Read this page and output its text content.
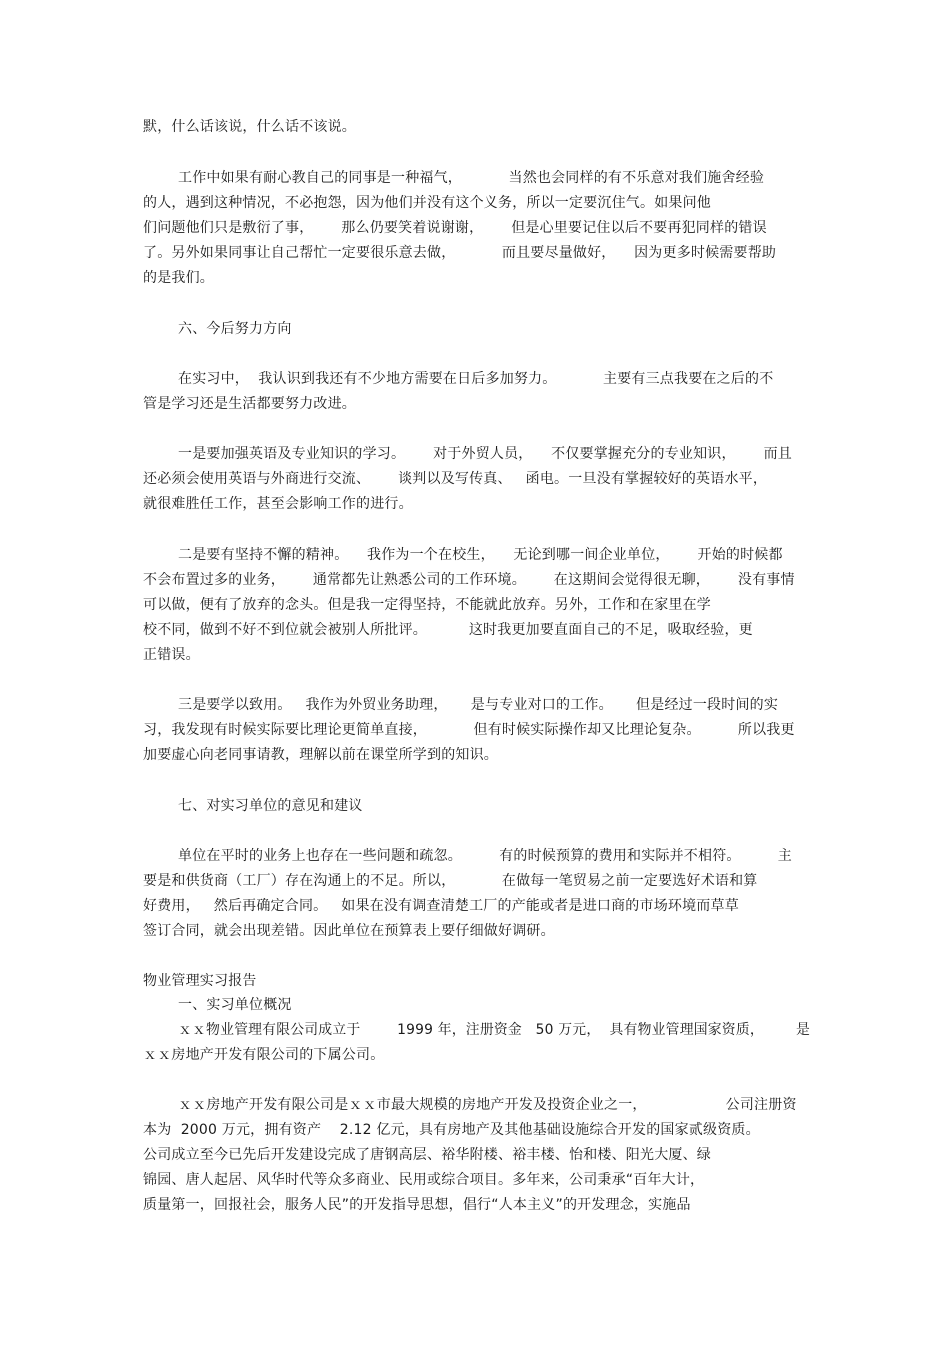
默，什么话该说，什么话不该说。
工作中如果有耐心教自己的同事是一种福气，          当然也会同样的有不乐意对我们施舍经验
的人，遇到这种情况，不必抱怨，因为他们并没有这个义务，所以一定要沉住气。如果问他
们问题他们只是敷衍了事，      那么仍要笑着说谢谢，      但是心里要记住以后不要再犯同样的错误
了。另外如果同事让自己帮忙一定要很乐意去做，          而且要尽量做好，    因为更多时候需要帮助
的是我们。
六、今后努力方向
在实习中，  我认识到我还有不少地方需要在日后多加努力。          主要有三点我要在之后的不
管是学习还是生活都要努力改进。
一是要加强英语及专业知识的学习。      对于外贸人员，    不仅要掌握充分的专业知识，      而且
还必须会使用英语与外商进行交流、      谈判以及写传真、   函电。一旦没有掌握较好的英语水平，
就很难胜任工作，甚至会影响工作的进行。
二是要有坚持不懈的精神。    我作为一个在校生，    无论到哪一间企业单位，      开始的时候都
不会布置过多的业务，      通常都先让熟悉公司的工作环境。      在这期间会觉得很无聊，      没有事情
可以做，便有了放弃的念头。但是我一定得坚持，不能就此放弃。另外，工作和在家里在学
校不同，做到不好不到位就会被别人所批评。         这时我更加要直面自己的不足，吸取经验，更
正错误。
三是要学以致用。   我作为外贸业务助理，     是与专业对口的工作。     但是经过一段时间的实
习，我发现有时候实际要比理论更简单直接，          但有时候实际操作却又比理论复杂。        所以我更
加要虚心向老同事请教，理解以前在课堂所学到的知识。
七、对实习单位的意见和建议
单位在平时的业务上也存在一些问题和疏忽。        有的时候预算的费用和实际并不相符。        主
要是和供货商（工厂）存在沟通上的不足。所以，          在做每一笔贸易之前一定要选好术语和算
好费用，   然后再确定合同。   如果在没有调查清楚工厂的产能或者是进口商的市场环境而草草
签订合同，就会出现差错。因此单位在预算表上要仔细做好调研。
物业管理实习报告
一、实习单位概况
ｘｘ物业管理有限公司成立于        1999 年，注册资金   50 万元，  具有物业管理国家资质，       是
ｘｘ房地产开发有限公司的下属公司。
ｘｘ房地产开发有限公司是ｘｘ市最大规模的房地产开发及投资企业之一，                 公司注册资
本为  2000 万元，拥有资产    2.12 亿元，具有房地产及其他基础设施综合开发的国家贰级资质。
公司成立至今已先后开发建设完成了唐钢高层、裕华附楼、裕丰楼、怡和楼、阳光大厦、绿
锦园、唐人起居、风华时代等众多商业、民用或综合项目。多年来，公司秉承“百年大计，
质量第一，回报社会，服务人民”的开发指导思想，倡行“人本主义”的开发理念，实施品
